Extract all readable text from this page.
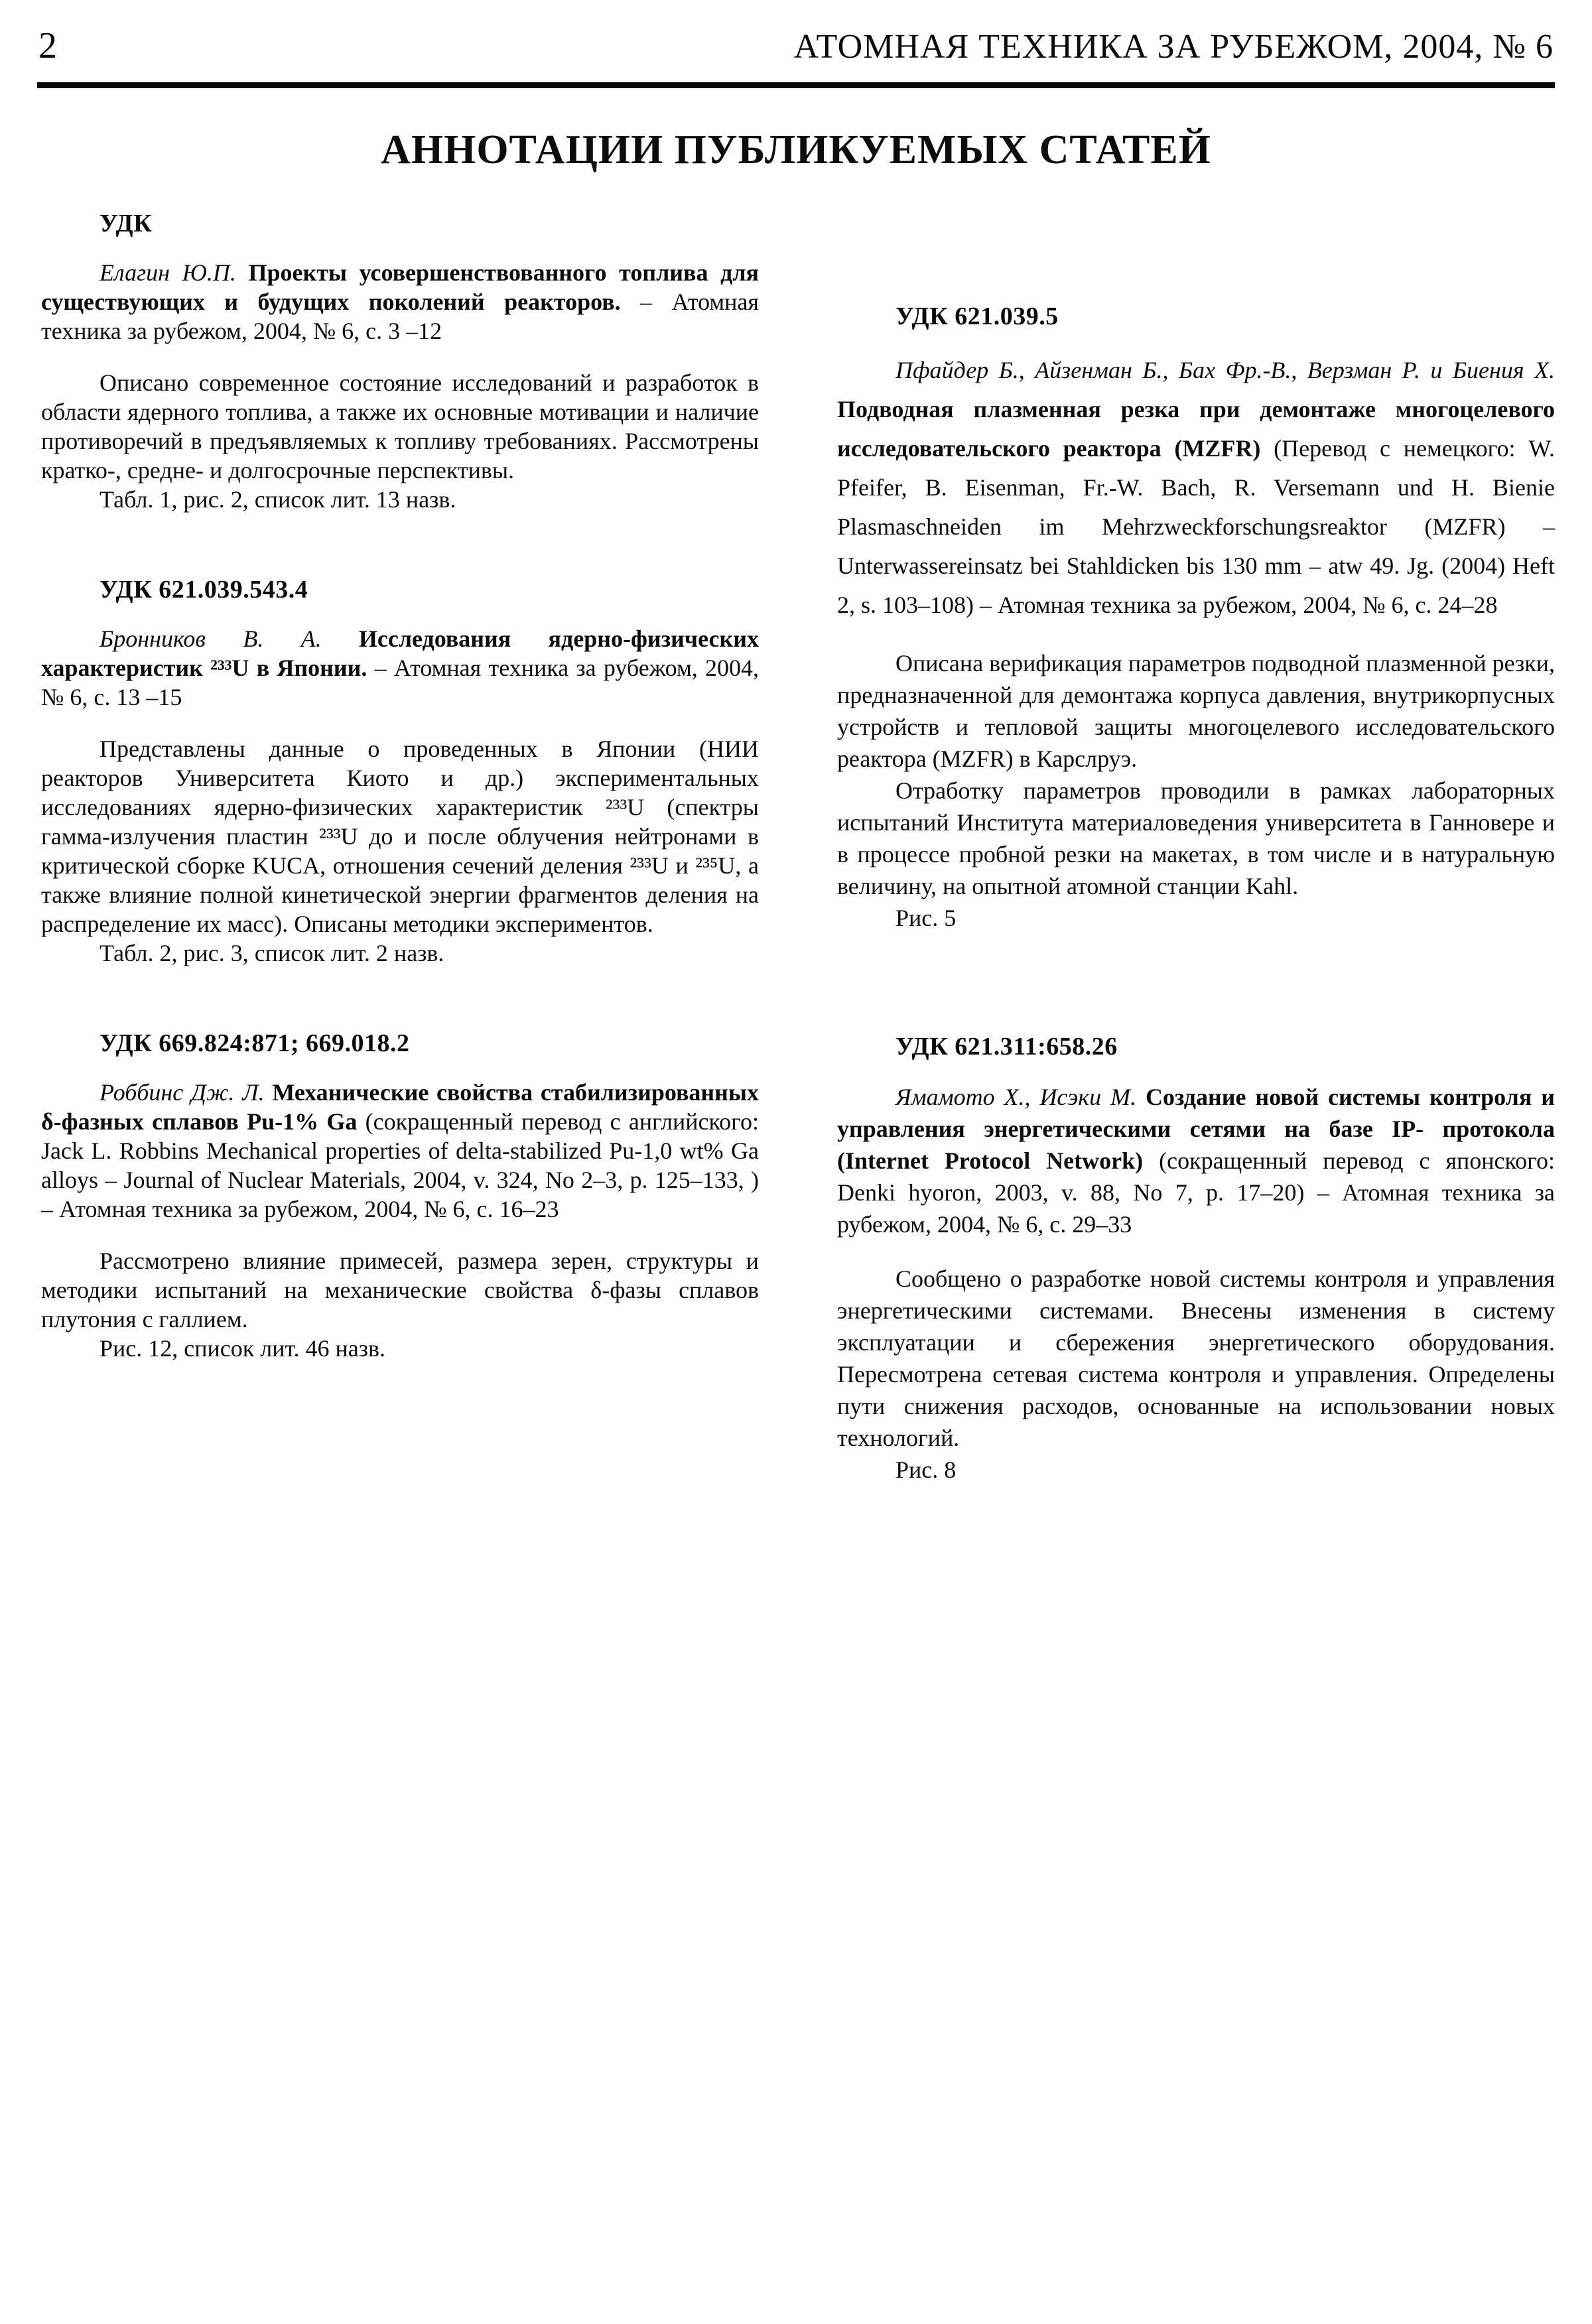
2	АТОМНАЯ ТЕХНИКА ЗА РУБЕЖОМ, 2004, № 6
АННОТАЦИИ ПУБЛИКУЕМЫХ СТАТЕЙ

УДК

Елагин Ю.П. Проекты усовершенствованного топлива для существующих и будущих поколений реакторов. – Атомная техника за рубежом, 2004, № 6, с. 3 –12

Описано современное состояние исследований и разработок в области ядерного топлива, а также их основные мотивации и наличие противоречий в предъявляемых к топливу требованиях. Рассмотрены кратко-, средне- и долгосрочные перспективы.

Табл. 1, рис. 2, список лит. 13 назв.

УДК 621.039.543.4

Бронников В. А. Исследования ядерно-физических характеристик ²³³U в Японии. – Атомная техника за рубежом, 2004, № 6, с. 13 –15

Представлены данные о проведенных в Японии (НИИ реакторов Университета Киото и др.) экспериментальных исследованиях ядерно-физических характеристик ²³³U (спектры гамма-излучения пластин ²³³U до и после облучения нейтронами в критической сборке KUCA, отношения сечений деления ²³³U и ²³⁵U, а также влияние полной кинетической энергии фрагментов деления на распределение их масс). Описаны методики экспериментов.

Табл. 2, рис. 3, список лит. 2 назв.

УДК 669.824:871; 669.018.2

Роббинс Дж. Л. Механические свойства стабилизированных δ-фазных сплавов Pu-1% Ga (сокращенный перевод с английского: Jack L. Robbins Mechanical properties of delta-stabilized Pu-1,0 wt% Ga alloys – Journal of Nuclear Materials, 2004, v. 324, No 2–3, p. 125–133, ) – Атомная техника за рубежом, 2004, № 6, с. 16–23

Рассмотрено влияние примесей, размера зерен, структуры и методики испытаний на механические свойства δ-фазы сплавов плутония с галлием.

Рис. 12, список лит. 46 назв.

УДК 621.039.5

Пфайдер Б., Айзенман Б., Бах Фр.-В., Верзман Р. и Биения Х. Подводная плазменная резка при демонтаже многоцелевого исследовательского реактора (MZFR) (Перевод с немецкого: W. Pfeifer, B. Eisenman, Fr.-W. Bach, R. Versemann und H. Bienie Plasmaschneiden im Mehrzweckforschungsreaktor (MZFR) – Unterwassereinsatz bei Stahldicken bis 130 mm – atw 49. Jg. (2004) Heft 2, s. 103–108) – Атомная техника за рубежом, 2004, № 6, с. 24–28

Описана верификация параметров подводной плазменной резки, предназначенной для демонтажа корпуса давления, внутрикорпусных устройств и тепловой защиты многоцелевого исследовательского реактора (MZFR) в Карслруэ.

Отработку параметров проводили в рамках лабораторных испытаний Института материаловедения университета в Ганновере и в процессе пробной резки на макетах, в том числе и в натуральную величину, на опытной атомной станции Kahl.

Рис. 5

УДК 621.311:658.26

Ямамото Х., Исэки М. Создание новой системы контроля и управления энергетическими сетями на базе IP- протокола (Internet Protocol Network) (сокращенный перевод с японского: Denki hyoron, 2003, v. 88, No 7, p. 17–20) – Атомная техника за рубежом, 2004, № 6, с. 29–33

Сообщено о разработке новой системы контроля и управления энергетическими системами. Внесены изменения в систему эксплуатации и сбережения энергетического оборудования. Пересмотрена сетевая система контроля и управления. Определены пути снижения расходов, основанные на использовании новых технологий.

Рис. 8
